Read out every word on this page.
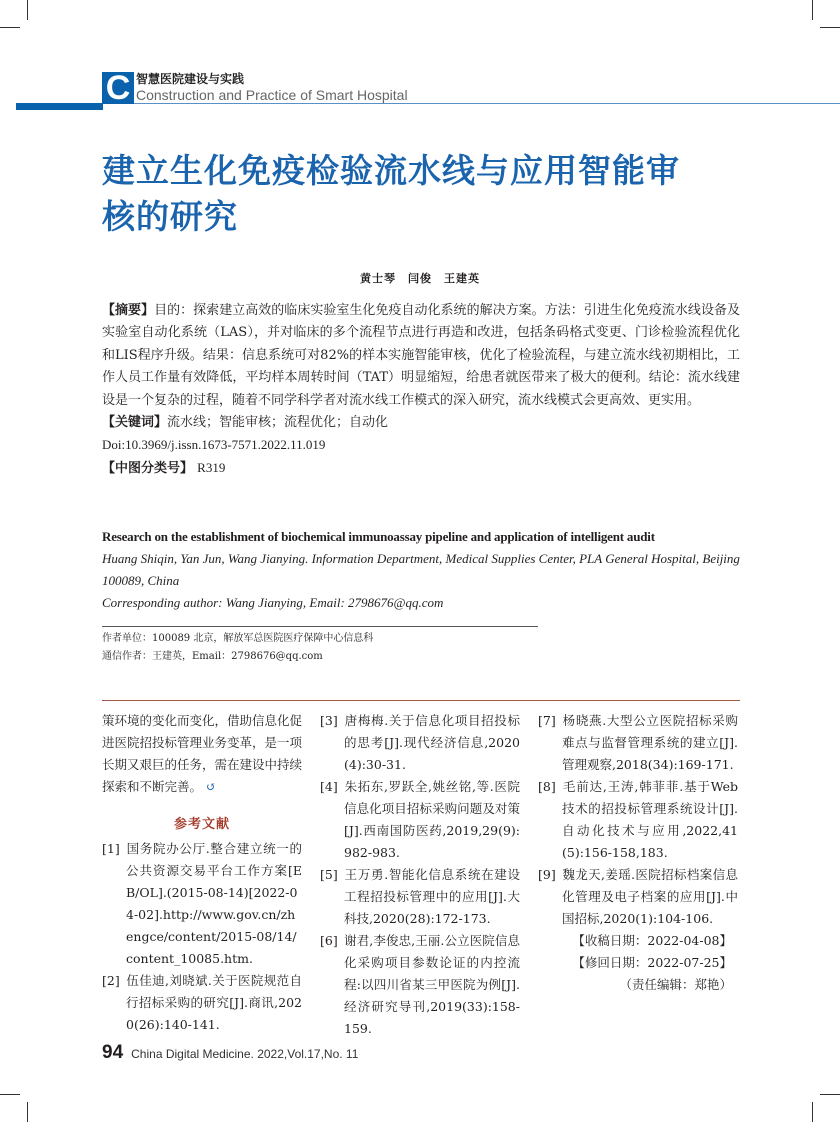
C 智慧医院建设与实践
Construction and Practice of Smart Hospital
建立生化免疫检验流水线与应用智能审核的研究
黄士琴　闫俊　王建英
【摘要】目的：探索建立高效的临床实验室生化免疫自动化系统的解决方案。方法：引进生化免疫流水线设备及实验室自动化系统（LAS），并对临床的多个流程节点进行再造和改进，包括条码格式变更、门诊检验流程优化和LIS程序升级。结果：信息系统可对82%的样本实施智能审核，优化了检验流程，与建立流水线初期相比，工作人员工作量有效降低，平均样本周转时间（TAT）明显缩短，给患者就医带来了极大的便利。结论：流水线建设是一个复杂的过程，随着不同学科学者对流水线工作模式的深入研究，流水线模式会更高效、更实用。
【关键词】流水线；智能审核；流程优化；自动化
Doi:10.3969/j.issn.1673-7571.2022.11.019
【中图分类号】 R319
Research on the establishment of biochemical immunoassay pipeline and application of intelligent audit
Huang Shiqin, Yan Jun, Wang Jianying. Information Department, Medical Supplies Center, PLA General Hospital, Beijing 100089, China
Corresponding author: Wang Jianying, Email: 2798676@qq.com
作者单位：100089 北京，解放军总医院医疗保障中心信息科
通信作者：王建英，Email：2798676@qq.com
策环境的变化而变化，借助信息化促进医院招投标管理业务变革，是一项长期又艰巨的任务，需在建设中持续探索和不断完善。 ↺
参考文献
[1] 国务院办公厅.整合建立统一的公共资源交易平台工作方案[EB/OL].(2015-08-14)[2022-04-02].http://www.gov.cn/zhengce/content/2015-08/14/content_10085.htm.
[2] 伍佳迪,刘晓斌.关于医院规范自行招标采购的研究[J].商讯,2020(26):140-141.
[3] 唐梅梅.关于信息化项目招投标的思考[J].现代经济信息,2020(4):30-31.
[4] 朱拓东,罗跃全,姚丝铭,等.医院信息化项目招标采购问题及对策[J].西南国防医药,2019,29(9):982-983.
[5] 王万勇.智能化信息系统在建设工程招投标管理中的应用[J].大科技,2020(28):172-173.
[6] 谢君,李俊忠,王丽.公立医院信息化采购项目参数论证的内控流程:以四川省某三甲医院为例[J].经济研究导刊,2019(33):158-159.
[7] 杨晓燕.大型公立医院招标采购难点与监督管理系统的建立[J].管理观察,2018(34):169-171.
[8] 毛前达,王涛,韩菲菲.基于Web技术的招投标管理系统设计[J].自动化技术与应用,2022,41(5):156-158,183.
[9] 魏龙天,姜瑶.医院招标档案信息化管理及电子档案的应用[J].中国招标,2020(1):104-106.
【收稿日期：2022-04-08】
【修回日期：2022-07-25】
（责任编辑：郑艳）
94 China Digital Medicine. 2022,Vol.17,No. 11
